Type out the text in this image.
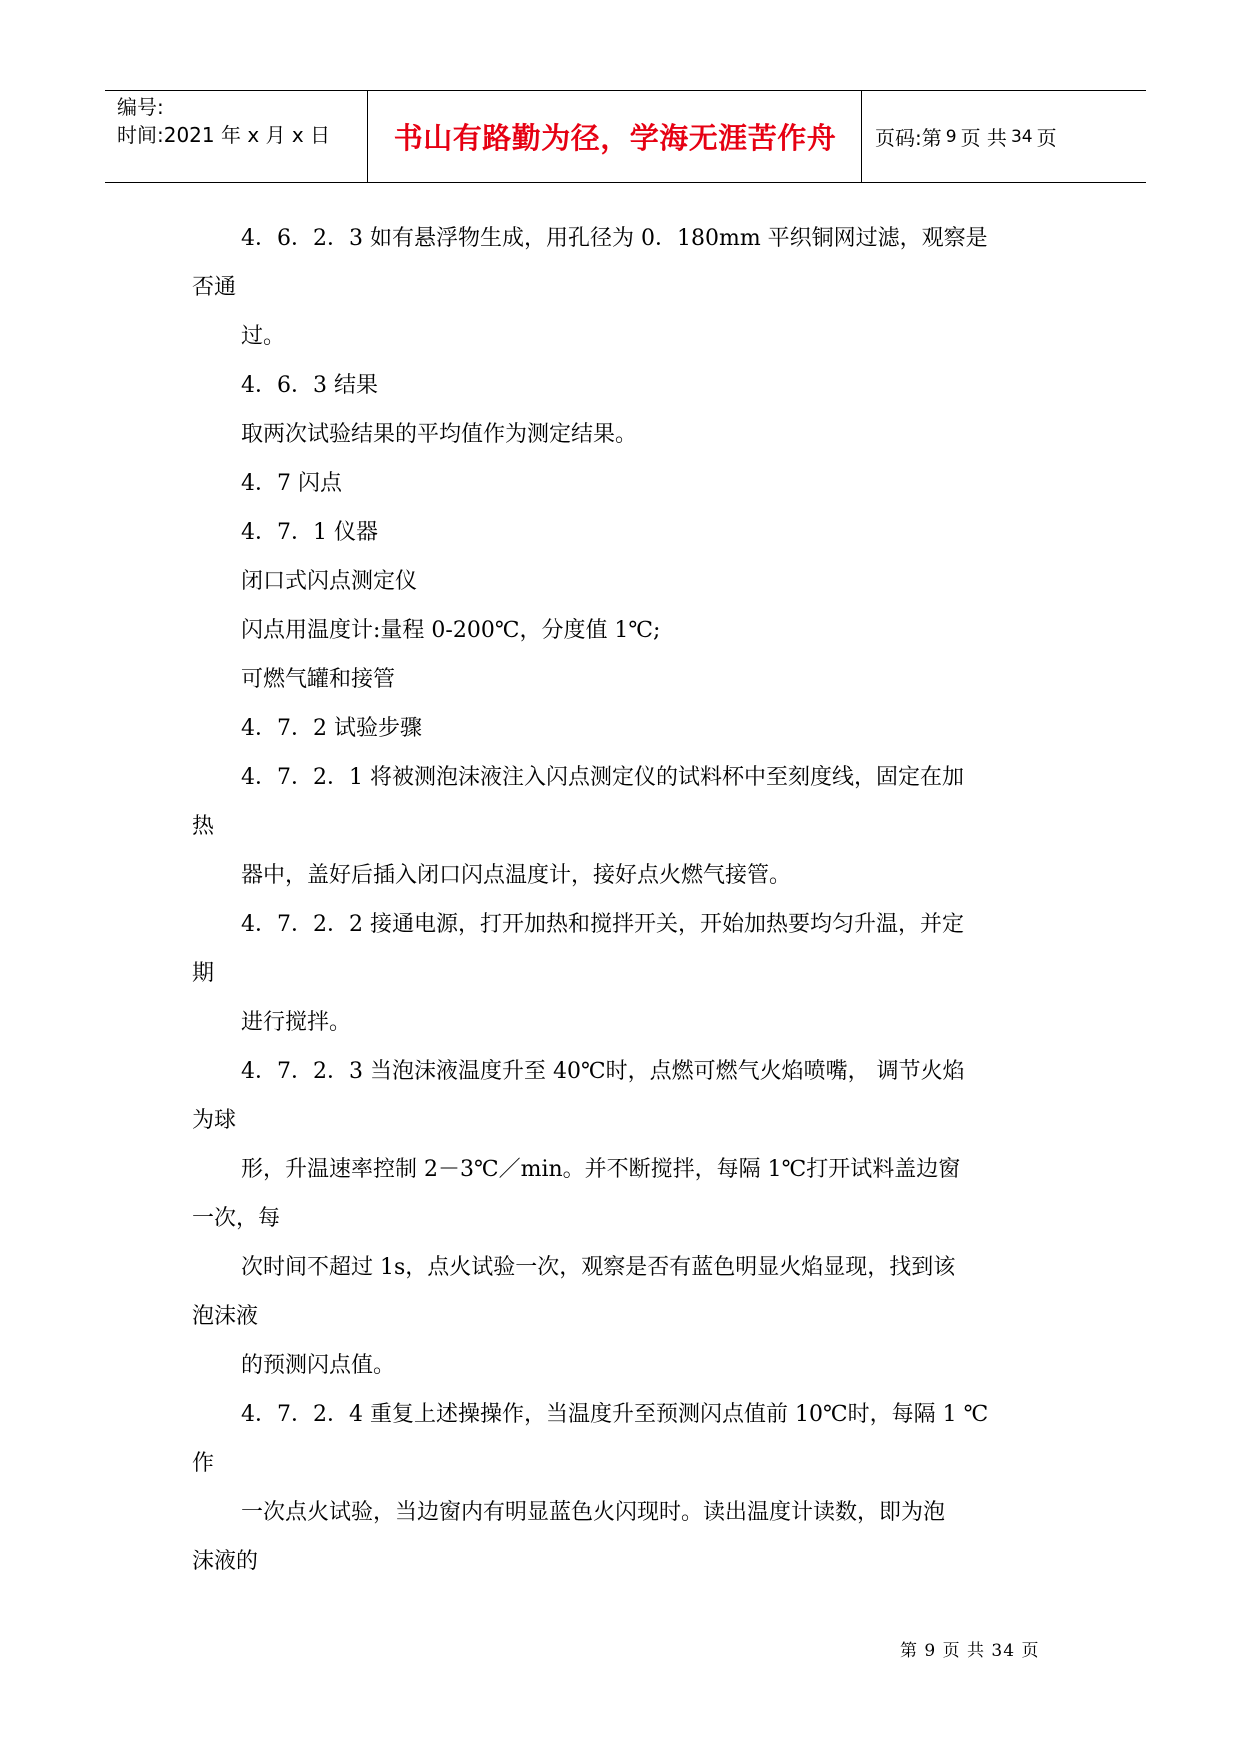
编号:
时间:2021 年 x 月 x 日	书山有路勤为径，学海无涯苦作舟	页码:第 9 页 共 34 页

4．6．2．3 如有悬浮物生成，用孔径为 0．180mm 平织铜网过滤，观察是

否通

过。

4．6．3 结果

取两次试验结果的平均值作为测定结果。

4．7 闪点

4．7．1 仪器

闭口式闪点测定仪

闪点用温度计:量程 0-200℃，分度值 1℃;

可燃气罐和接管

4．7．2 试验步骤

4．7．2．1 将被测泡沫液注入闪点测定仪的试料杯中至刻度线，固定在加

热

器中，盖好后插入闭口闪点温度计，接好点火燃气接管。

4．7．2．2 接通电源，打开加热和搅拌开关，开始加热要均匀升温，并定

期

进行搅拌。

4．7．2．3 当泡沫液温度升至 40℃时，点燃可燃气火焰喷嘴， 调节火焰

为球

形，升温速率控制 2－3℃／min。并不断搅拌，每隔 1℃打开试料盖边窗

一次，每

次时间不超过 1s，点火试验一次，观察是否有蓝色明显火焰显现，找到该

泡沫液

的预测闪点值。

4．7．2．4 重复上述操操作，当温度升至预测闪点值前 10℃时，每隔 1 ℃

作

一次点火试验，当边窗内有明显蓝色火闪现时。读出温度计读数，即为泡

沫液的

第 9 页 共 34 页
